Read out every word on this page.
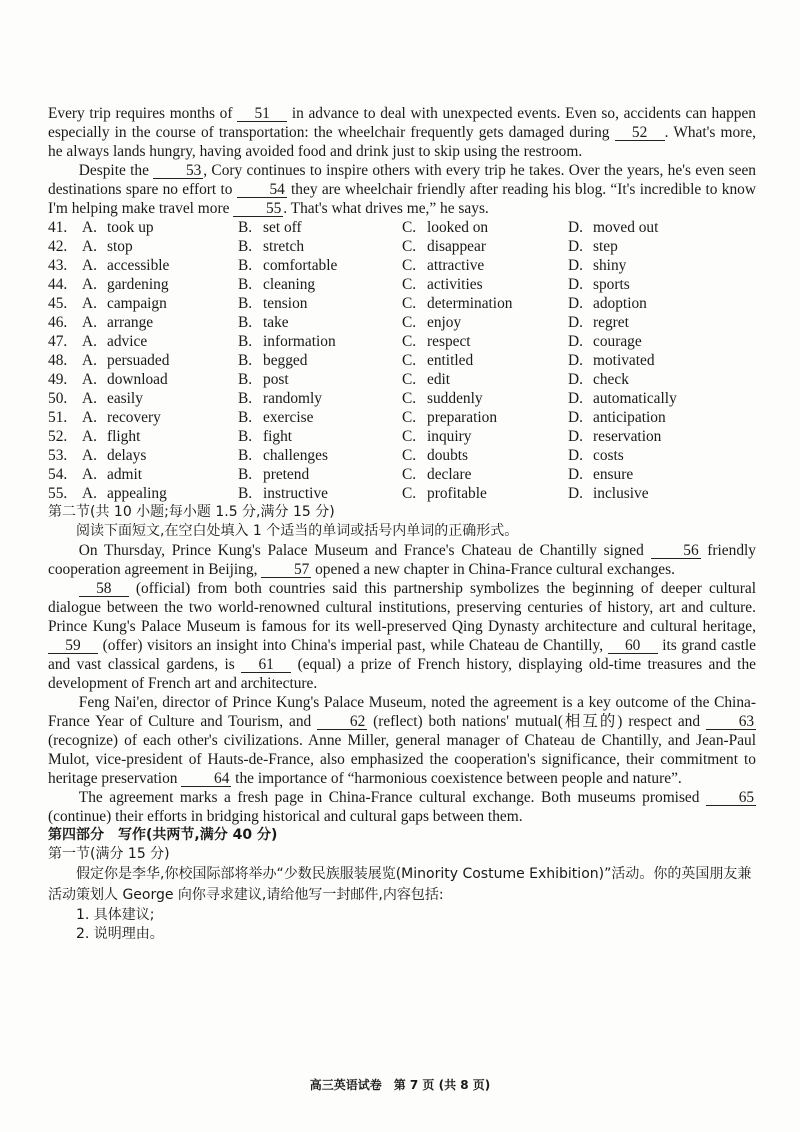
Every trip requires months of 51 in advance to deal with unexpected events. Even so, accidents can happen especially in the course of transportation: the wheelchair frequently gets damaged during 52 . What's more, he always lands hungry, having avoided food and drink just to skip using the restroom.

Despite the 53 , Cory continues to inspire others with every trip he takes. Over the years, he's even seen destinations spare no effort to 54 they are wheelchair friendly after reading his blog. “It's incredible to know I'm helping make travel more 55 . That's what drives me,” he says.

41. A. took up	B. set off	C. looked on	D. moved out
42. A. stop	B. stretch	C. disappear	D. step
43. A. accessible	B. comfortable	C. attractive	D. shiny
44. A. gardening	B. cleaning	C. activities	D. sports
45. A. campaign	B. tension	C. determination	D. adoption
46. A. arrange	B. take	C. enjoy	D. regret
47. A. advice	B. information	C. respect	D. courage
48. A. persuaded	B. begged	C. entitled	D. motivated
49. A. download	B. post	C. edit	D. check
50. A. easily	B. randomly	C. suddenly	D. automatically
51. A. recovery	B. exercise	C. preparation	D. anticipation
52. A. flight	B. fight	C. inquiry	D. reservation
53. A. delays	B. challenges	C. doubts	D. costs
54. A. admit	B. pretend	C. declare	D. ensure
55. A. appealing	B. instructive	C. profitable	D. inclusive
第二节(共 10 小题;每小题 1.5 分,满分 15 分)
阅读下面短文,在空白处填入 1 个适当的单词或括号内单词的正确形式。

On Thursday, Prince Kung's Palace Museum and France's Chateau de Chantilly signed 56 friendly cooperation agreement in Beijing, 57 opened a new chapter in China-France cultural exchanges.

58 (official) from both countries said this partnership symbolizes the beginning of deeper cultural dialogue between the two world-renowned cultural institutions, preserving centuries of history, art and culture. Prince Kung's Palace Museum is famous for its well-preserved Qing Dynasty architecture and cultural heritage, 59 (offer) visitors an insight into China's imperial past, while Chateau de Chantilly, 60 its grand castle and vast classical gardens, is 61 (equal) a prize of French history, displaying old-time treasures and the development of French art and architecture.

Feng Nai'en, director of Prince Kung's Palace Museum, noted the agreement is a key outcome of the China-France Year of Culture and Tourism, and 62 (reflect) both nations' mutual(相互的) respect and 63 (recognize) of each other's civilizations. Anne Miller, general manager of Chateau de Chantilly, and Jean-Paul Mulot, vice-president of Hauts-de-France, also emphasized the cooperation's significance, their commitment to heritage preservation 64 the importance of “harmonious coexistence between people and nature”.

The agreement marks a fresh page in China-France cultural exchange. Both museums promised 65 (continue) their efforts in bridging historical and cultural gaps between them.

第四部分　写作(共两节,满分 40 分)
第一节(满分 15 分)
假定你是李华,你校国际部将举办“少数民族服装展览(Minority Costume Exhibition)”活动。你的英国朋友兼活动策划人 George 向你寻求建议,请给他写一封邮件,内容包括:
1. 具体建议;
2. 说明理由。
高三英语试卷　第 7 页 (共 8 页)
